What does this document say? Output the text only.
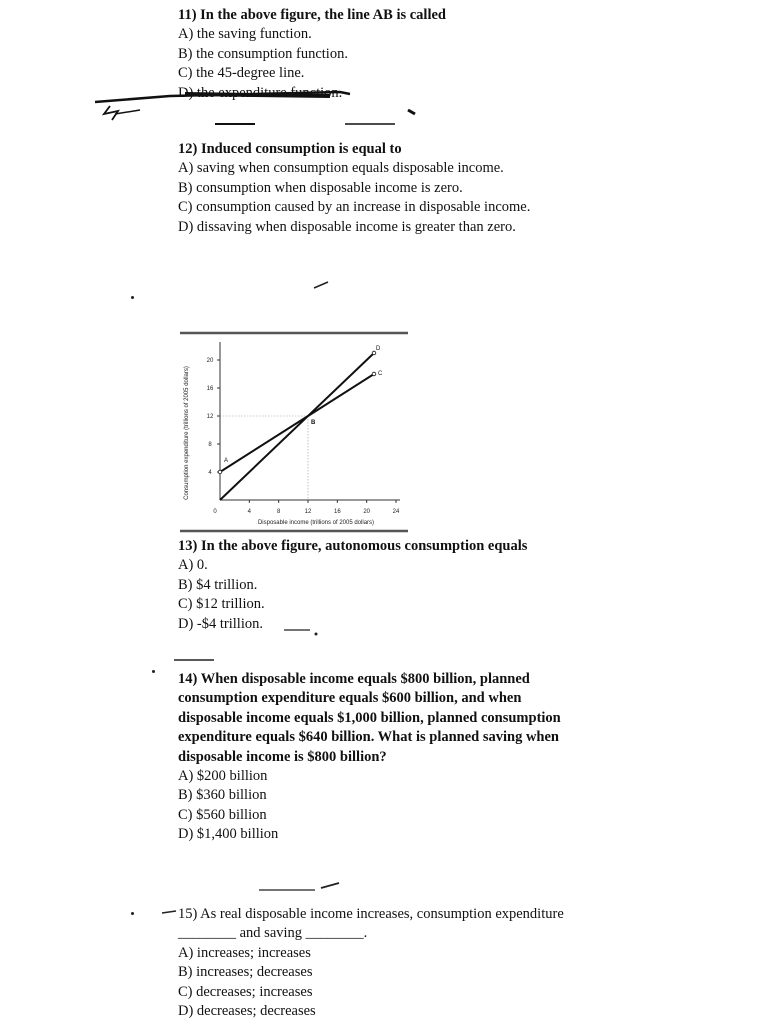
11) In the above figure, the line AB is called
A) the saving function.
B) the consumption function.
C) the 45-degree line.
D) the expenditure function.
12) Induced consumption is equal to
A) saving when consumption equals disposable income.
B) consumption when disposable income is zero.
C) consumption caused by an increase in disposable income.
D) dissaving when disposable income is greater than zero.
Consumption expenditure (trillions of 2005 dollars)
Disposable income (trillions of 2005 dollars)
0	4	8	12	16	20	24
4
8
12
16
20
A
B
C
D
13) In the above figure, autonomous consumption equals
A) 0.
B) $4 trillion.
C) $12 trillion.
D) -$4 trillion.
14) When disposable income equals $800 billion, planned consumption expenditure equals $600 billion, and when disposable income equals $1,000 billion, planned consumption expenditure equals $640 billion. What is planned saving when disposable income is $800 billion?
A) $200 billion
B) $360 billion
C) $560 billion
D) $1,400 billion
15) As real disposable income increases, consumption expenditure ________ and saving ________.
A) increases; increases
B) increases; decreases
C) decreases; increases
D) decreases; decreases
